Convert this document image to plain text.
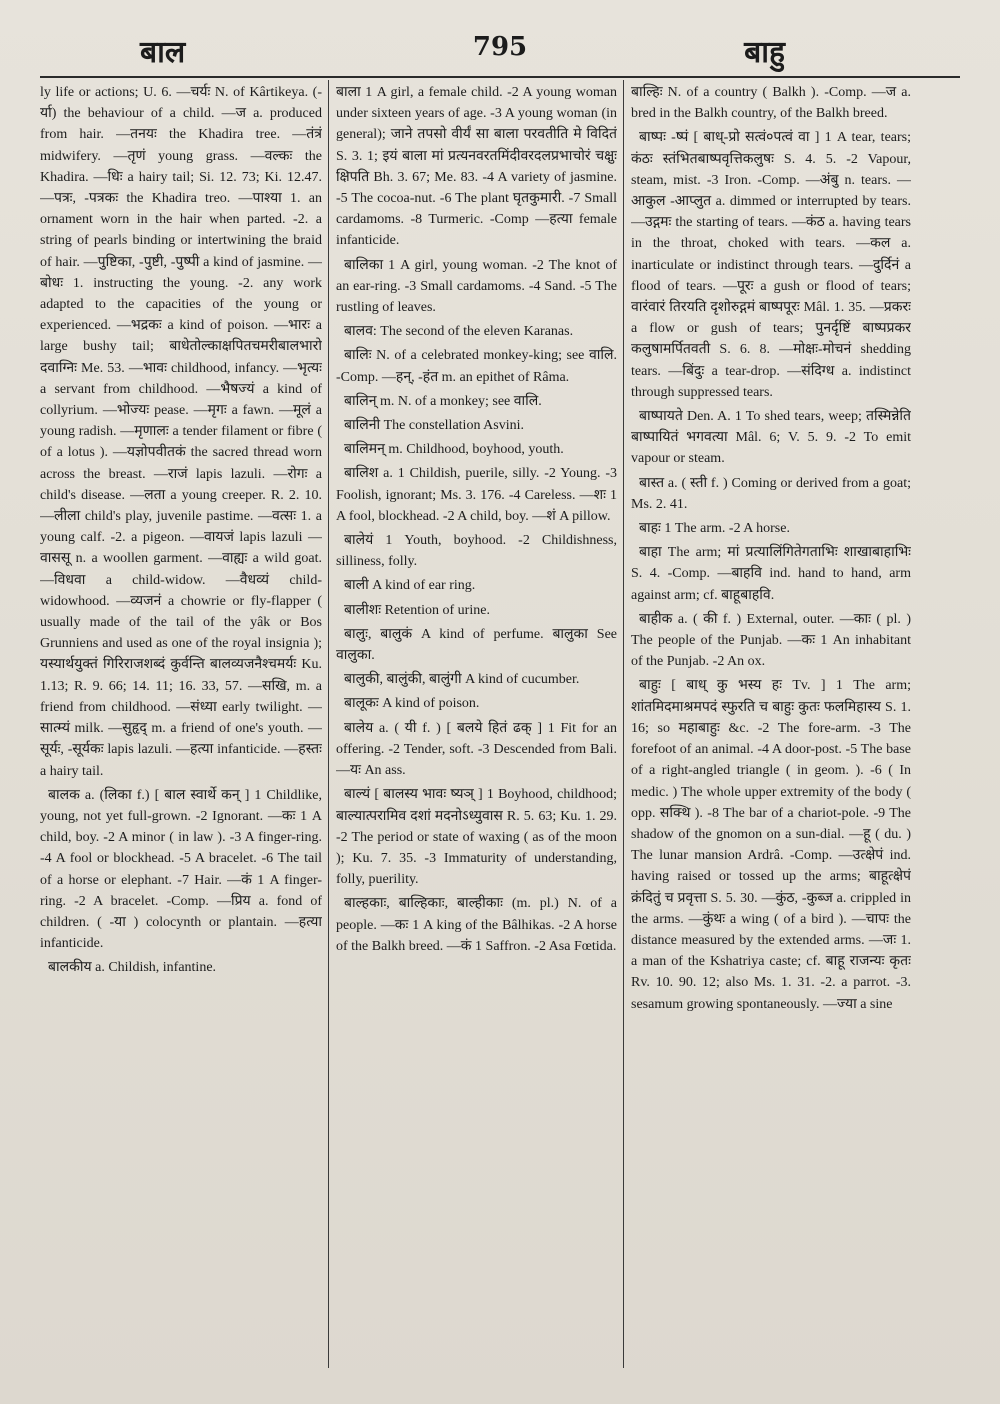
बाल	795	बाहु

ly life or actions; U. 6. —चर्यः N. of Kârtikeya. (-र्या) the behaviour of a child. —ज a. produced from hair. —तनयः the Khadira tree. —तंत्रं midwifery. —तृणं young grass. —वल्कः the Khadira. —धिः a hairy tail; Si. 12. 73; Ki. 12.47. —पत्रः, -पत्रकः the Khadira treo. —पाश्या 1. an ornament worn in the hair when parted. -2. a string of pearls binding or intertwining the braid of hair. —पुष्टिका, -पुष्टी, -पुष्पी a kind of jasmine. —बोधः 1. instructing the young. -2. any work adapted to the capacities of the young or experienced. —भद्रकः a kind of poison. —भारः a large bushy tail; बाधेतोल्काक्षपितचमरीबालभारो दवाग्निः Me. 53. —भावः childhood, infancy. —भृत्यः a servant from childhood. —भैषज्यं a kind of collyrium. —भोज्यः pease. —मृगः a fawn. —मूलं a young radish. —मृणालः a tender filament or fibre ( of a lotus ). —यज्ञोपवीतकं the sacred thread worn across the breast. —राजं lapis lazuli. —रोगः a child's disease. —लता a young creeper. R. 2. 10. —लीला child's play, juvenile pastime. —वत्सः 1. a young calf. -2. a pigeon. —वायजं lapis lazuli —वाससू n. a woollen garment. —वाह्यः a wild goat. —विधवा a child-widow. —वैधव्यं child-widowhood. —व्यजनं a chowrie or fly-flapper ( usually made of the tail of the yâk or Bos Grunniens and used as one of the royal insignia ); यस्यार्थयुक्तं गिरिराजशब्दं कुर्वन्ति बालव्यजनैश्चमर्यः Ku. 1.13; R. 9. 66; 14. 11; 16. 33, 57. —सखि, m. a friend from childhood. —संध्या early twilight. —सात्म्यं milk. —सुहृद् m. a friend of one's youth. —सूर्यः, -सूर्यकः lapis lazuli. —हत्या infanticide. —हस्तः a hairy tail.

बालक a. (लिका f.) [ बाल स्वार्थे कन् ] 1 Childlike, young, not yet full-grown. -2 Ignorant. —कः 1 A child, boy. -2 A minor ( in law ). -3 A finger-ring. -4 A fool or blockhead. -5 A bracelet. -6 The tail of a horse or elephant. -7 Hair. —कं 1 A finger-ring. -2 A bracelet. -Comp. —प्रिय a. fond of children. ( -या ) colocynth or plantain. —हत्या infanticide.

बालकीय a. Childish, infantine.

बाला 1 A girl, a female child. -2 A young woman under sixteen years of age. -3 A young woman (in general); जाने तपसो वीर्यं सा बाला परवतीति मे विदितं S. 3. 1; इयं बाला मां प्रत्यनवरतमिंदीवरदलप्रभाचोरं चक्षुः क्षिपति Bh. 3. 67; Me. 83. -4 A variety of jasmine. -5 The cocoa-nut. -6 The plant घृतकुमारी. -7 Small cardamoms. -8 Turmeric. -Comp —हत्या female infanticide.

बालिका 1 A girl, young woman. -2 The knot of an ear-ring. -3 Small cardamoms. -4 Sand. -5 The rustling of leaves.

बालव: The second of the eleven Karanas.

बालिः N. of a celebrated monkey-king; see वालि. -Comp. —हन्, -हंत m. an epithet of Râma.

बालिन् m. N. of a monkey; see वालि.

बालिनी The constellation Asvini.

बालिमन् m. Childhood, boyhood, youth.

बालिश a. 1 Childish, puerile, silly. -2 Young. -3 Foolish, ignorant; Ms. 3. 176. -4 Careless. —शः 1 A fool, blockhead. -2 A child, boy. —शं A pillow.

बालेयं 1 Youth, boyhood. -2 Childishness, silliness, folly.

बाली A kind of ear ring.

बालीशः Retention of urine.

बालुः, बालुकं A kind of perfume. बालुका See वालुका.

बालुकी, बालुंकी, बालुंगी A kind of cucumber.

बालूकः A kind of poison.

बालेय a. ( यी f. ) [ बलये हितं ढक् ] 1 Fit for an offering. -2 Tender, soft. -3 Descended from Bali. —यः An ass.

बाल्यं [ बालस्य भावः ष्यञ् ] 1 Boyhood, childhood; बाल्यात्परामिव दशां मदनोऽध्युवास R. 5. 63; Ku. 1. 29. -2 The period or state of waxing ( as of the moon ); Ku. 7. 35. -3 Immaturity of understanding, folly, puerility.

बाल्हकाः, बाल्हिकाः, बाल्हीकाः (m. pl.) N. of a people. —कः 1 A king of the Bâlhikas. -2 A horse of the Balkh breed. —कं 1 Saffron. -2 Asa Fœtida.

बाल्हिः N. of a country ( Balkh ). -Comp. —ज a. bred in the Balkh country, of the Balkh breed.

बाष्पः -ष्पं [ बाध्-प्रो सत्वं०पत्वं वा ] 1 A tear, tears; कंठः स्तंभितबाष्पवृत्तिकलुषः S. 4. 5. -2 Vapour, steam, mist. -3 Iron. -Comp. —अंबु n. tears. —आकुल -आप्लुत a. dimmed or interrupted by tears. —उद्गमः the starting of tears. —कंठ a. having tears in the throat, choked with tears. —कल a. inarticulate or indistinct through tears. —दुर्दिनं a flood of tears. —पूरः a gush or flood of tears; वारंवारं तिरयति दृशोरुद्गमं बाष्पपूरः Mâl. 1. 35. —प्रकरः a flow or gush of tears; पुनर्दृष्टिं बाष्पप्रकर कलुषामर्पितवती S. 6. 8. —मोक्षः-मोचनं shedding tears. —बिंदुः a tear-drop. —संदिग्ध a. indistinct through suppressed tears.

बाष्पायते Den. A. 1 To shed tears, weep; तस्मिन्नेति बाष्पायितं भगवत्या Mâl. 6; V. 5. 9. -2 To emit vapour or steam.

बास्त a. ( स्ती f. ) Coming or derived from a goat; Ms. 2. 41.

बाहः 1 The arm. -2 A horse.

बाहा The arm; मां प्रत्यालिंगितेगताभिः शाखाबाहाभिः S. 4. -Comp. —बाहवि ind. hand to hand, arm against arm; cf. बाहूबाहवि.

बाहीक a. ( की f. ) External, outer. —काः ( pl. ) The people of the Punjab. —कः 1 An inhabitant of the Punjab. -2 An ox.

बाहुः [ बाध् कु भस्य हः Tv. ] 1 The arm; शांतमिदमाश्रमपदं स्फुरति च बाहुः कुतः फलमिहास्य S. 1. 16; so महाबाहुः &c. -2 The fore-arm. -3 The forefoot of an animal. -4 A door-post. -5 The base of a right-angled triangle ( in geom. ). -6 ( In medic. ) The whole upper extremity of the body ( opp. सक्थि ). -8 The bar of a chariot-pole. -9 The shadow of the gnomon on a sun-dial. —हू ( du. ) The lunar mansion Ardrâ. -Comp. —उत्क्षेपं ind. having raised or tossed up the arms; बाहूत्क्षेपं क्रंदितुं च प्रवृत्ता S. 5. 30. —कुंठ, -कुब्ज a. crippled in the arms. —कुंथः a wing ( of a bird ). —चापः the distance measured by the extended arms. —जः 1. a man of the Kshatriya caste; cf. बाहू राजन्यः कृतः Rv. 10. 90. 12; also Ms. 1. 31. -2. a parrot. -3. sesamum growing spontaneously. —ज्या a sine
